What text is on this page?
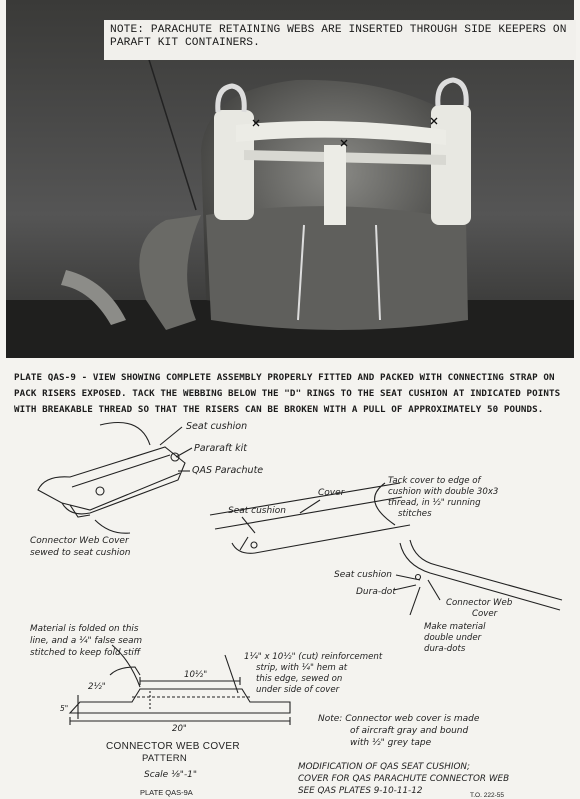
NOTE: PARACHUTE RETAINING WEBS ARE INSERTED THROUGH SIDE KEEPERS ON
PARAFT KIT CONTAINERS.
PLATE QAS-9 - VIEW SHOWING COMPLETE ASSEMBLY PROPERLY FITTED AND PACKED WITH CONNECTING STRAP ON
PACK RISERS EXPOSED. TACK THE WEBBING BELOW THE "D" RINGS TO THE SEAT CUSHION AT INDICATED POINTS
WITH BREAKABLE THREAD SO THAT THE RISERS CAN BE BROKEN WITH A PULL OF APPROXIMATELY 50 POUNDS.
Seat cushion
Pararaft kit
QAS Parachute
Connector Web Cover
sewed to seat cushion
Cover
Seat cushion
Tack cover to edge of
cushion with double 30x3
thread, in ½" running
stitches
Seat cushion
Dura-dot
Connector Web
Cover
Make material
double under
dura-dots
Material is folded on this
line, and a ¼" false seam
stitched to keep fold stiff	1¼" x 10½" (cut) reinforcement
strip, with ¼" hem at
this edge, sewed on
under side of cover
10½"
2½"
5"
20"
CONNECTOR WEB COVER
PATTERN
Scale ⅛"-1"
PLATE QAS-9A
Note: Connector web cover is made
of aircraft gray and bound
with ½" grey tape
MODIFICATION OF QAS SEAT CUSHION;
COVER FOR QAS PARACHUTE CONNECTOR WEB
SEE QAS PLATES 9-10-11-12	T.O. 222-55
